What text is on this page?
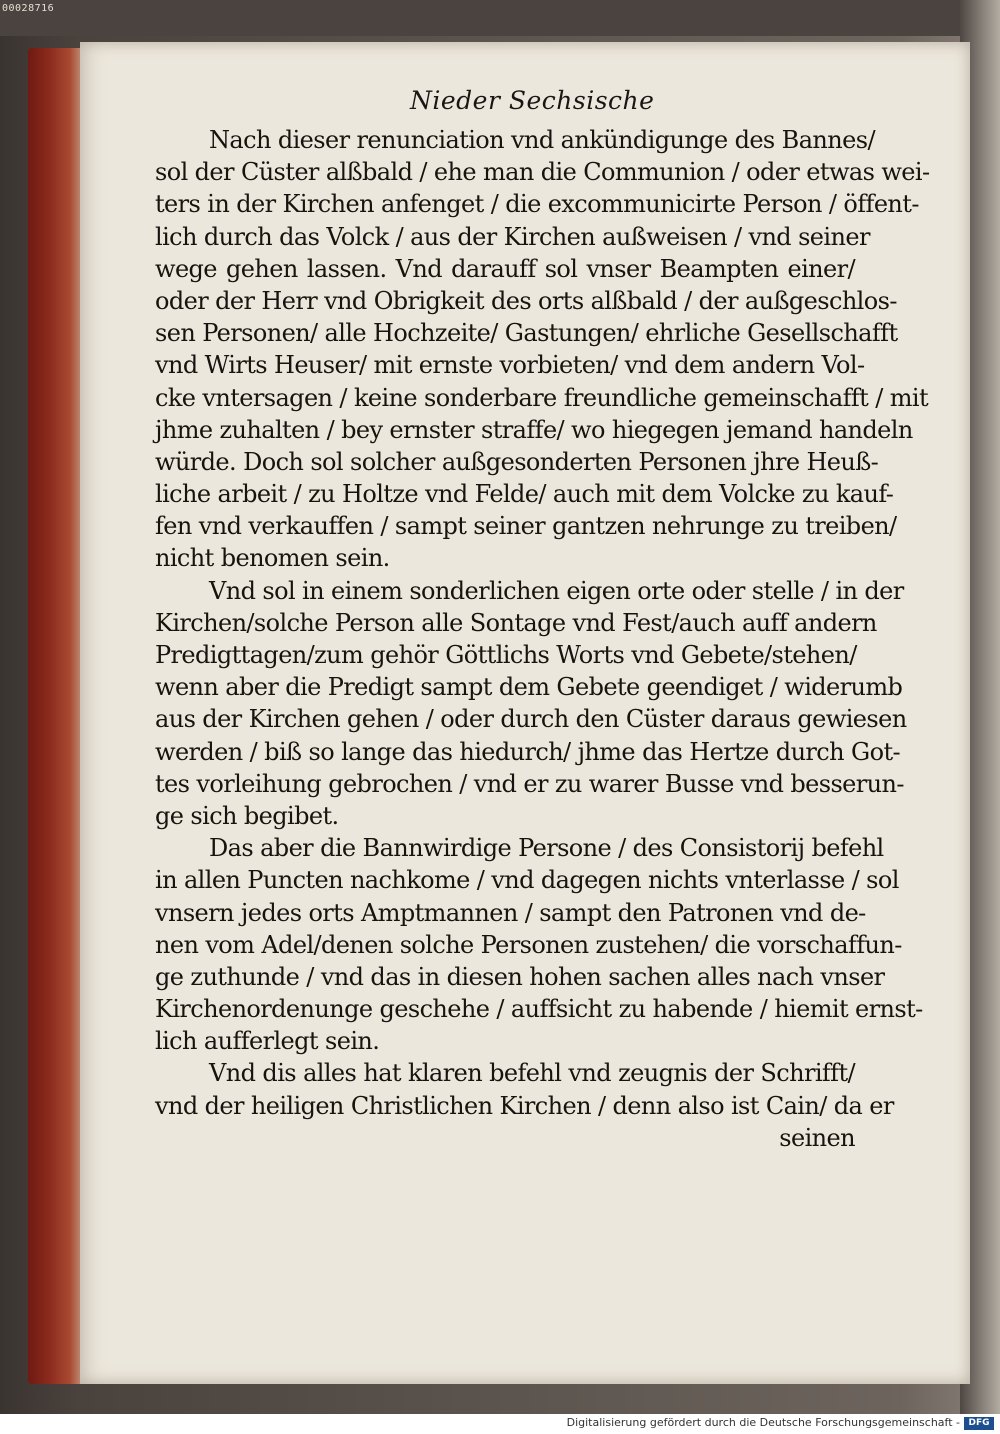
00028716
Nieder Sechsische
Nach dieser renunciation vnd ankündigunge des Bannes/
sol der Cüster alßbald / ehe man die Communion / oder etwas wei-
ters in der Kirchen anfenget / die excommunicirte Person / öffent-
lich durch das Volck / aus der Kirchen außweisen / vnd seiner
wege gehen lassen. Vnd darauff sol vnser Beampten einer/
oder der Herr vnd Obrigkeit des orts alßbald / der außgeschlos-
sen Personen/ alle Hochzeite/ Gastungen/ ehrliche Gesellschafft
vnd Wirts Heuser/ mit ernste vorbieten/ vnd dem andern Vol-
cke vntersagen / keine sonderbare freundliche gemeinschafft / mit
jhme zuhalten / bey ernster straffe/ wo hiegegen jemand handeln
würde. Doch sol solcher außgesonderten Personen jhre Heuß-
liche arbeit / zu Holtze vnd Felde/ auch mit dem Volcke zu kauf-
fen vnd verkauffen / sampt seiner gantzen nehrunge zu treiben/
nicht benomen sein.
Vnd sol in einem sonderlichen eigen orte oder stelle / in der
Kirchen/solche Person alle Sontage vnd Fest/auch auff andern
Predigttagen/zum gehör Göttlichs Worts vnd Gebete/stehen/
wenn aber die Predigt sampt dem Gebete geendiget / widerumb
aus der Kirchen gehen / oder durch den Cüster daraus gewiesen
werden / biß so lange das hiedurch/ jhme das Hertze durch Got-
tes vorleihung gebrochen / vnd er zu warer Busse vnd besserun-
ge sich begibet.
Das aber die Bannwirdige Persone / des Consistorij befehl
in allen Puncten nachkome / vnd dagegen nichts vnterlasse / sol
vnsern jedes orts Amptmannen / sampt den Patronen vnd de-
nen vom Adel/denen solche Personen zustehen/ die vorschaffun-
ge zuthunde / vnd das in diesen hohen sachen alles nach vnser
Kirchenordenunge geschehe / auffsicht zu habende / hiemit ernst-
lich aufferlegt sein.
Vnd dis alles hat klaren befehl vnd zeugnis der Schrifft/
vnd der heiligen Christlichen Kirchen / denn also ist Cain/ da er
seinen
Digitalisierung gefördert durch die Deutsche Forschungsgemeinschaft - DFG
